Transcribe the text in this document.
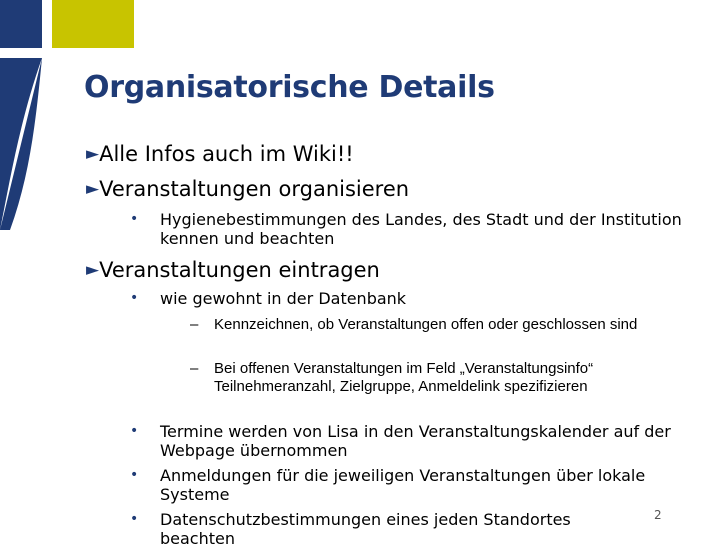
Organisatorische Details
►Alle Infos auch im Wiki!!
►Veranstaltungen organisieren
• Hygienebestimmungen des Landes, des Stadt und der Institution kennen und beachten
►Veranstaltungen eintragen
• wie gewohnt in der Datenbank
– Kennzeichnen, ob Veranstaltungen offen oder geschlossen sind
– Bei offenen Veranstaltungen im Feld „Veranstaltungsinfo“ Teilnehmeranzahl, Zielgruppe, Anmeldelink spezifizieren
• Termine werden von Lisa in den Veranstaltungskalender auf der Webpage übernommen
• Anmeldungen für die jeweiligen Veranstaltungen über lokale Systeme
• Datenschutzbestimmungen eines jeden Standortes beachten
2
